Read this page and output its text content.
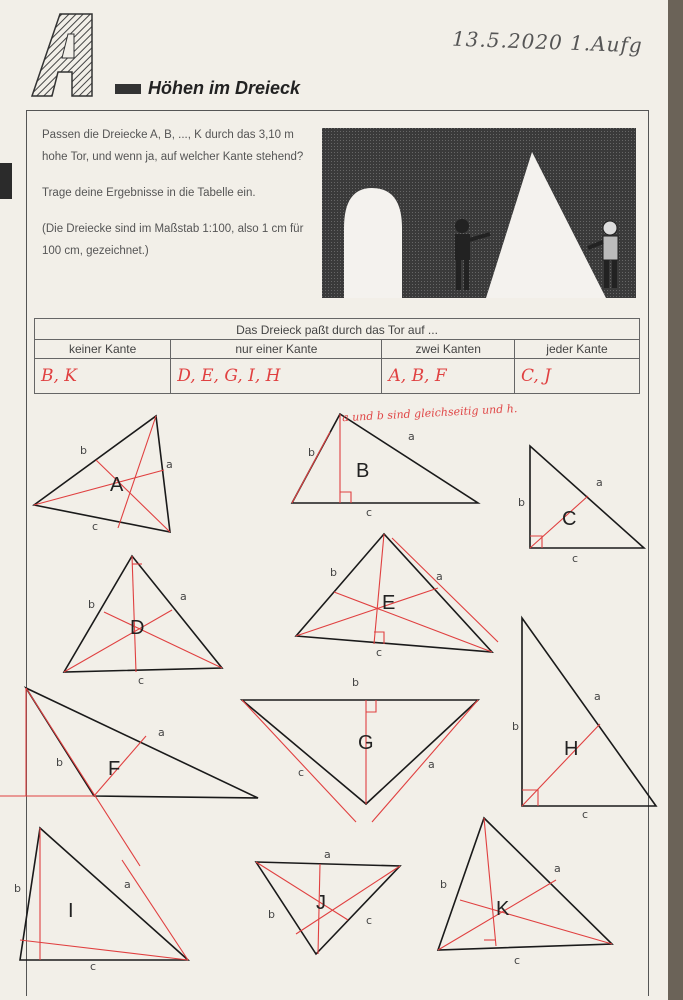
Höhen im Dreieck
13.5.2020 1.Aufg

Passen die Dreiecke A, B, ..., K durch das 3,10 m hohe Tor, und wenn ja, auf welcher Kante stehend?

Trage deine Ergebnisse in die Tabelle ein.

(Die Dreiecke sind im Maßstab 1:100, also 1 cm für 100 cm, gezeichnet.)

Das Dreieck paßt durch das Tor auf ...			
keiner Kante	nur einer Kante	zwei Kanten	jeder Kante
B, K	D, E, G, I, H	A, B, F	C, J
a und b sind gleichseitig und h.
A
B
C
D
E
F
G	H
I	J	K
b
a
c
b
a
c
b
a
c
b
a
c
b	a
c
b
a
b
a
c
b
a
c
b	a
c
b
a
c
b
a
c
